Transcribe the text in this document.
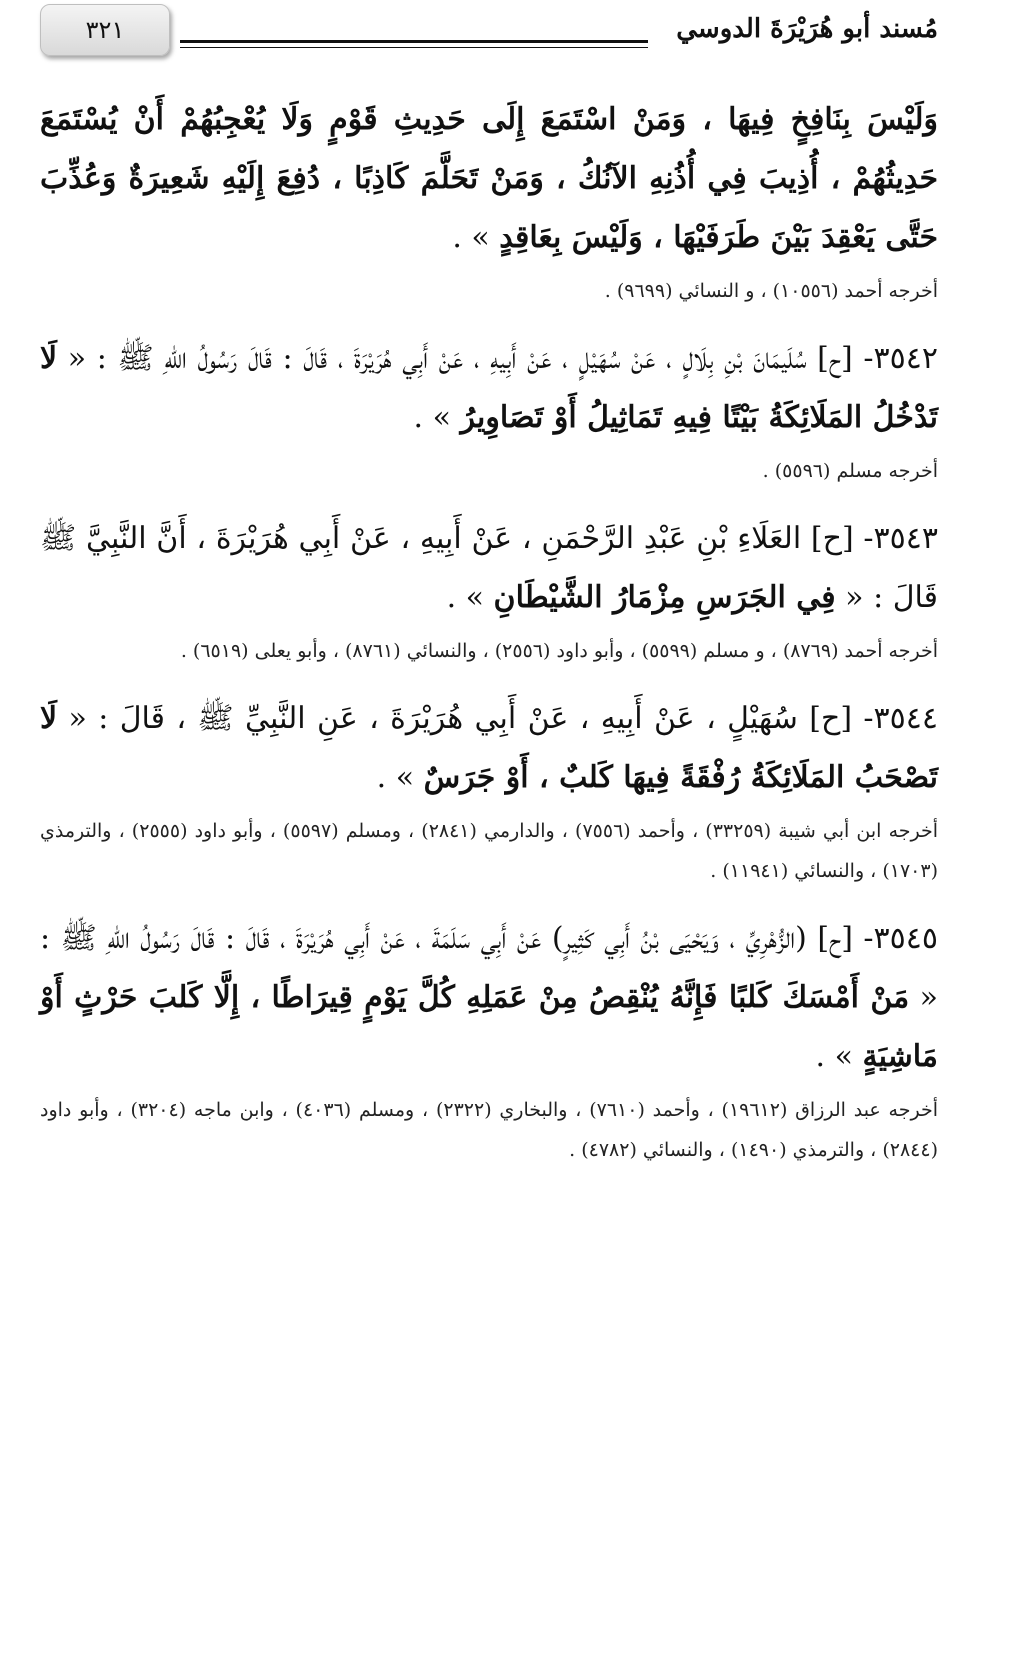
مُسند أبو هُرَيْرَةَ الدوسي
٣٢١

وَلَيْسَ بِنَافِخٍ فِيهَا ، وَمَنْ اسْتَمَعَ إِلَى حَدِيثِ قَوْمٍ وَلَا يُعْجِبُهُمْ أَنْ يُسْتَمَعَ حَدِيثُهُمْ ، أُذِيبَ فِي أُذُنِهِ الآنُكُ ، وَمَنْ تَحَلَّمَ كَاذِبًا ، دُفِعَ إِلَيْهِ شَعِيرَةٌ وَعُذِّبَ حَتَّى يَعْقِدَ بَيْنَ طَرَفَيْهَا ، وَلَيْسَ بِعَاقِدٍ » .

أخرجه أحمد (١٠٥٥٦) ، و النسائي (٩٦٩٩) .

٣٥٤٢- [ح] سُلَيمَانَ بْنِ بِلَالٍ ، عَنْ سُهَيْلٍ ، عَنْ أَبِيهِ ، عَنْ أَبِي هُرَيْرَةَ ، قَالَ : قَالَ رَسُولُ اللهِ ﷺ : « لَا تَدْخُلُ المَلَائِكَةُ بَيْتًا فِيهِ تَمَاثِيلُ أَوْ تَصَاوِيرُ » .

أخرجه مسلم (٥٥٩٦) .

٣٥٤٣- [ح] العَلَاءِ بْنِ عَبْدِ الرَّحْمَنِ ، عَنْ أَبِيهِ ، عَنْ أَبِي هُرَيْرَةَ ، أَنَّ النَّبِيَّ ﷺ قَالَ : « فِي الجَرَسِ مِزْمَارُ الشَّيْطَانِ » .

أخرجه أحمد (٨٧٦٩) ، و مسلم (٥٥٩٩) ، وأبو داود (٢٥٥٦) ، والنسائي (٨٧٦١) ، وأبو يعلى (٦٥١٩) .

٣٥٤٤- [ح] سُهَيْلٍ ، عَنْ أَبِيهِ ، عَنْ أَبِي هُرَيْرَةَ ، عَنِ النَّبِيِّ ﷺ ، قَالَ : « لَا تَصْحَبُ المَلَائِكَةُ رُفْقَةً فِيهَا كَلبٌ ، أَوْ جَرَسٌ » .

أخرجه ابن أبي شيبة (٣٣٢٥٩) ، وأحمد (٧٥٥٦) ، والدارمي (٢٨٤١) ، ومسلم (٥٥٩٧) ، وأبو داود (٢٥٥٥) ، والترمذي (١٧٠٣) ، والنسائي (١١٩٤١) .

٣٥٤٥- [ح] (الزُّهْرِيِّ ، وَيَحْيَى بْنُ أَبِي كَثِيرٍ) عَنْ أَبِي سَلَمَةَ ، عَنْ أَبِي هُرَيْرَةَ ، قَالَ : قَالَ رَسُولُ اللهِ ﷺ : « مَنْ أَمْسَكَ كَلبًا فَإِنَّهُ يُنْقِصُ مِنْ عَمَلِهِ كُلَّ يَوْمٍ قِيرَاطًا ، إِلَّا كَلبَ حَرْثٍ أَوْ مَاشِيَةٍ » .

أخرجه عبد الرزاق (١٩٦١٢) ، وأحمد (٧٦١٠) ، والبخاري (٢٣٢٢) ، ومسلم (٤٠٣٦) ، وابن ماجه (٣٢٠٤) ، وأبو داود (٢٨٤٤) ، والترمذي (١٤٩٠) ، والنسائي (٤٧٨٢) .
